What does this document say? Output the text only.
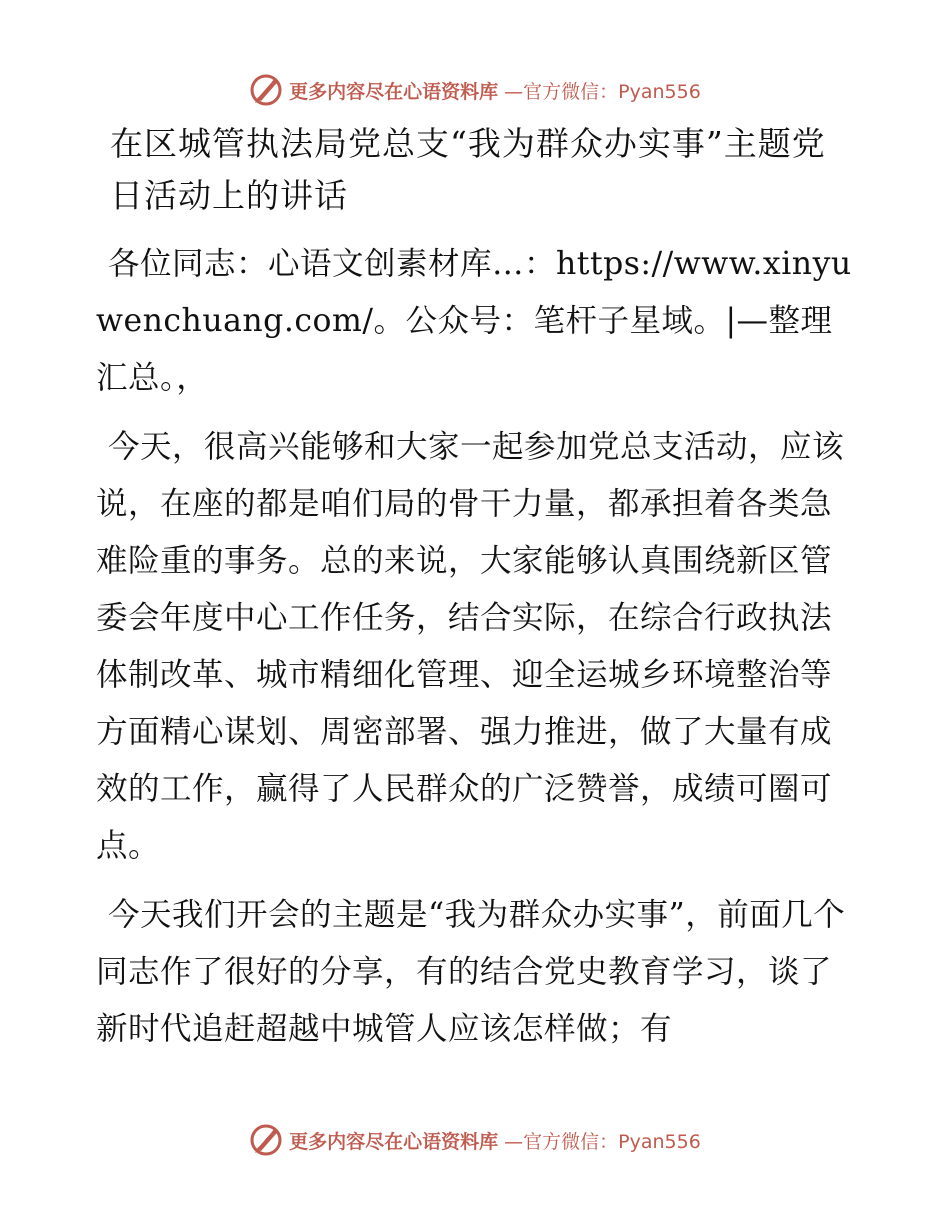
更多内容尽在心语资料库 —官方微信：Pyan556
在区城管执法局党总支“我为群众办实事”主题党日活动上的讲话

各位同志：心语文创素材库…：https://www.xinyuwenchuang.com/。公众号：笔杆子星域。|—整理汇总。，

今天，很高兴能够和大家一起参加党总支活动，应该说，在座的都是咱们局的骨干力量，都承担着各类急难险重的事务。总的来说，大家能够认真围绕新区管委会年度中心工作任务，结合实际，在综合行政执法体制改革、城市精细化管理、迎全运城乡环境整治等方面精心谋划、周密部署、强力推进，做了大量有成效的工作，赢得了人民群众的广泛赞誉，成绩可圈可点。

今天我们开会的主题是“我为群众办实事”，前面几个同志作了很好的分享，有的结合党史教育学习，谈了新时代追赶超越中城管人应该怎样做；有

更多内容尽在心语资料库 —官方微信：Pyan556
